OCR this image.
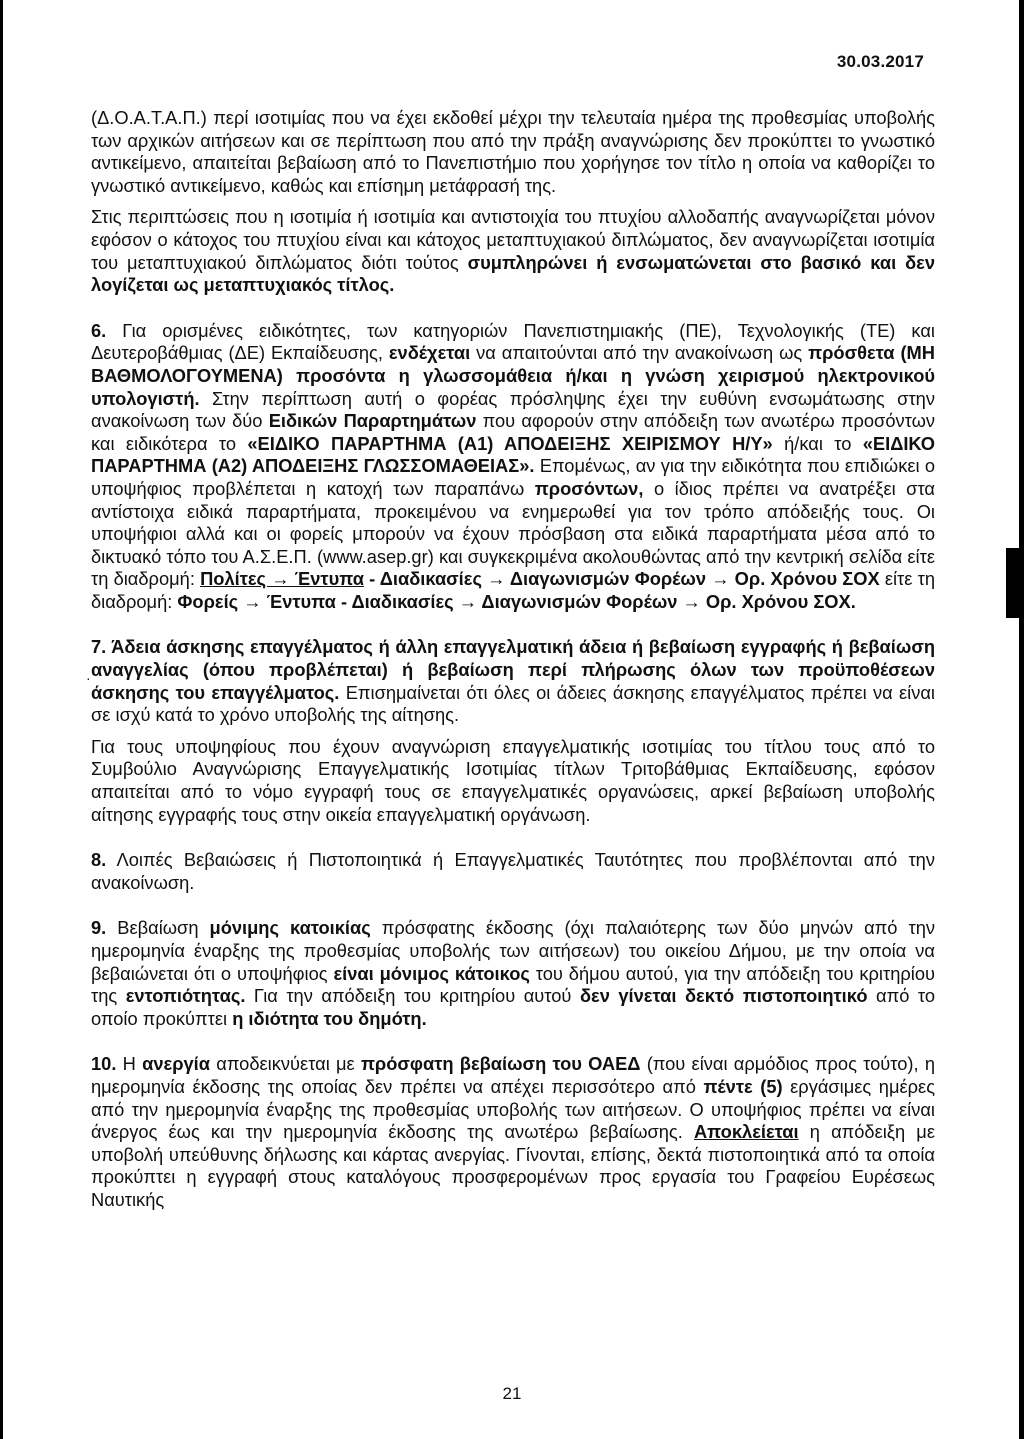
30.03.2017

(Δ.Ο.Α.Τ.Α.Π.) περί ισοτιμίας που να έχει εκδοθεί μέχρι την τελευταία ημέρα της προθεσμίας υποβολής των αρχικών αιτήσεων και σε περίπτωση που από την πράξη αναγνώρισης δεν προκύπτει το γνωστικό αντικείμενο, απαιτείται βεβαίωση από το Πανεπιστήμιο που χορήγησε τον τίτλο η οποία να καθορίζει το γνωστικό αντικείμενο, καθώς και επίσημη μετάφρασή της.

Στις περιπτώσεις που η ισοτιμία ή ισοτιμία και αντιστοιχία του πτυχίου αλλοδαπής αναγνωρίζεται μόνον εφόσον ο κάτοχος του πτυχίου είναι και κάτοχος μεταπτυχιακού διπλώματος, δεν αναγνωρίζεται ισοτιμία του μεταπτυχιακού διπλώματος διότι τούτος συμπληρώνει ή ενσωματώνεται στο βασικό και δεν λογίζεται ως μεταπτυχιακός τίτλος.

6. Για ορισμένες ειδικότητες, των κατηγοριών Πανεπιστημιακής (ΠΕ), Τεχνολογικής (ΤΕ) και Δευτεροβάθμιας (ΔΕ) Εκπαίδευσης, ενδέχεται να απαιτούνται από την ανακοίνωση ως πρόσθετα (ΜΗ ΒΑΘΜΟΛΟΓΟΥΜΕΝΑ) προσόντα η γλωσσομάθεια ή/και η γνώση χειρισμού ηλεκτρονικού υπολογιστή. Στην περίπτωση αυτή ο φορέας πρόσληψης έχει την ευθύνη ενσωμάτωσης στην ανακοίνωση των δύο Ειδικών Παραρτημάτων που αφορούν στην απόδειξη των ανωτέρω προσόντων και ειδικότερα το «ΕΙΔΙΚΟ ΠΑΡΑΡΤΗΜΑ (Α1) ΑΠΟΔΕΙΞΗΣ ΧΕΙΡΙΣΜΟΥ Η/Υ» ή/και το «ΕΙΔΙΚΟ ΠΑΡΑΡΤΗΜΑ (Α2) ΑΠΟΔΕΙΞΗΣ ΓΛΩΣΣΟΜΑΘΕΙΑΣ». Επομένως, αν για την ειδικότητα που επιδιώκει ο υποψήφιος προβλέπεται η κατοχή των παραπάνω προσόντων, ο ίδιος πρέπει να ανατρέξει στα αντίστοιχα ειδικά παραρτήματα, προκειμένου να ενημερωθεί για τον τρόπο απόδειξής τους. Οι υποψήφιοι αλλά και οι φορείς μπορούν να έχουν πρόσβαση στα ειδικά παραρτήματα μέσα από το δικτυακό τόπο του Α.Σ.Ε.Π. (www.asep.gr) και συγκεκριμένα ακολουθώντας από την κεντρική σελίδα είτε τη διαδρομή: Πολίτες → Έντυπα - Διαδικασίες → Διαγωνισμών Φορέων → Ορ. Χρόνου ΣΟΧ είτε τη διαδρομή: Φορείς → Έντυπα - Διαδικασίες → Διαγωνισμών Φορέων → Ορ. Χρόνου ΣΟΧ.

7. Άδεια άσκησης επαγγέλματος ή άλλη επαγγελματική άδεια ή βεβαίωση εγγραφής ή βεβαίωση αναγγελίας (όπου προβλέπεται) ή βεβαίωση περί πλήρωσης όλων των προϋποθέσεων άσκησης του επαγγέλματος. Επισημαίνεται ότι όλες οι άδειες άσκησης επαγγέλματος πρέπει να είναι σε ισχύ κατά το χρόνο υποβολής της αίτησης.

Για τους υποψηφίους που έχουν αναγνώριση επαγγελματικής ισοτιμίας του τίτλου τους από το Συμβούλιο Αναγνώρισης Επαγγελματικής Ισοτιμίας τίτλων Τριτοβάθμιας Εκπαίδευσης, εφόσον απαιτείται από το νόμο εγγραφή τους σε επαγγελματικές οργανώσεις, αρκεί βεβαίωση υποβολής αίτησης εγγραφής τους στην οικεία επαγγελματική οργάνωση.

8. Λοιπές Βεβαιώσεις ή Πιστοποιητικά ή Επαγγελματικές Ταυτότητες που προβλέπονται από την ανακοίνωση.

9. Βεβαίωση μόνιμης κατοικίας πρόσφατης έκδοσης (όχι παλαιότερης των δύο μηνών από την ημερομηνία έναρξης της προθεσμίας υποβολής των αιτήσεων) του οικείου Δήμου, με την οποία να βεβαιώνεται ότι ο υποψήφιος είναι μόνιμος κάτοικος του δήμου αυτού, για την απόδειξη του κριτηρίου της εντοπιότητας. Για την απόδειξη του κριτηρίου αυτού δεν γίνεται δεκτό πιστοποιητικό από το οποίο προκύπτει η ιδιότητα του δημότη.

10. Η ανεργία αποδεικνύεται με πρόσφατη βεβαίωση του ΟΑΕΔ (που είναι αρμόδιος προς τούτο), η ημερομηνία έκδοσης της οποίας δεν πρέπει να απέχει περισσότερο από πέντε (5) εργάσιμες ημέρες από την ημερομηνία έναρξης της προθεσμίας υποβολής των αιτήσεων. Ο υποψήφιος πρέπει να είναι άνεργος έως και την ημερομηνία έκδοσης της ανωτέρω βεβαίωσης. Αποκλείεται η απόδειξη με υποβολή υπεύθυνης δήλωσης και κάρτας ανεργίας. Γίνονται, επίσης, δεκτά πιστοποιητικά από τα οποία προκύπτει η εγγραφή στους καταλόγους προσφερομένων προς εργασία του Γραφείου Ευρέσεως Ναυτικής

·
21
